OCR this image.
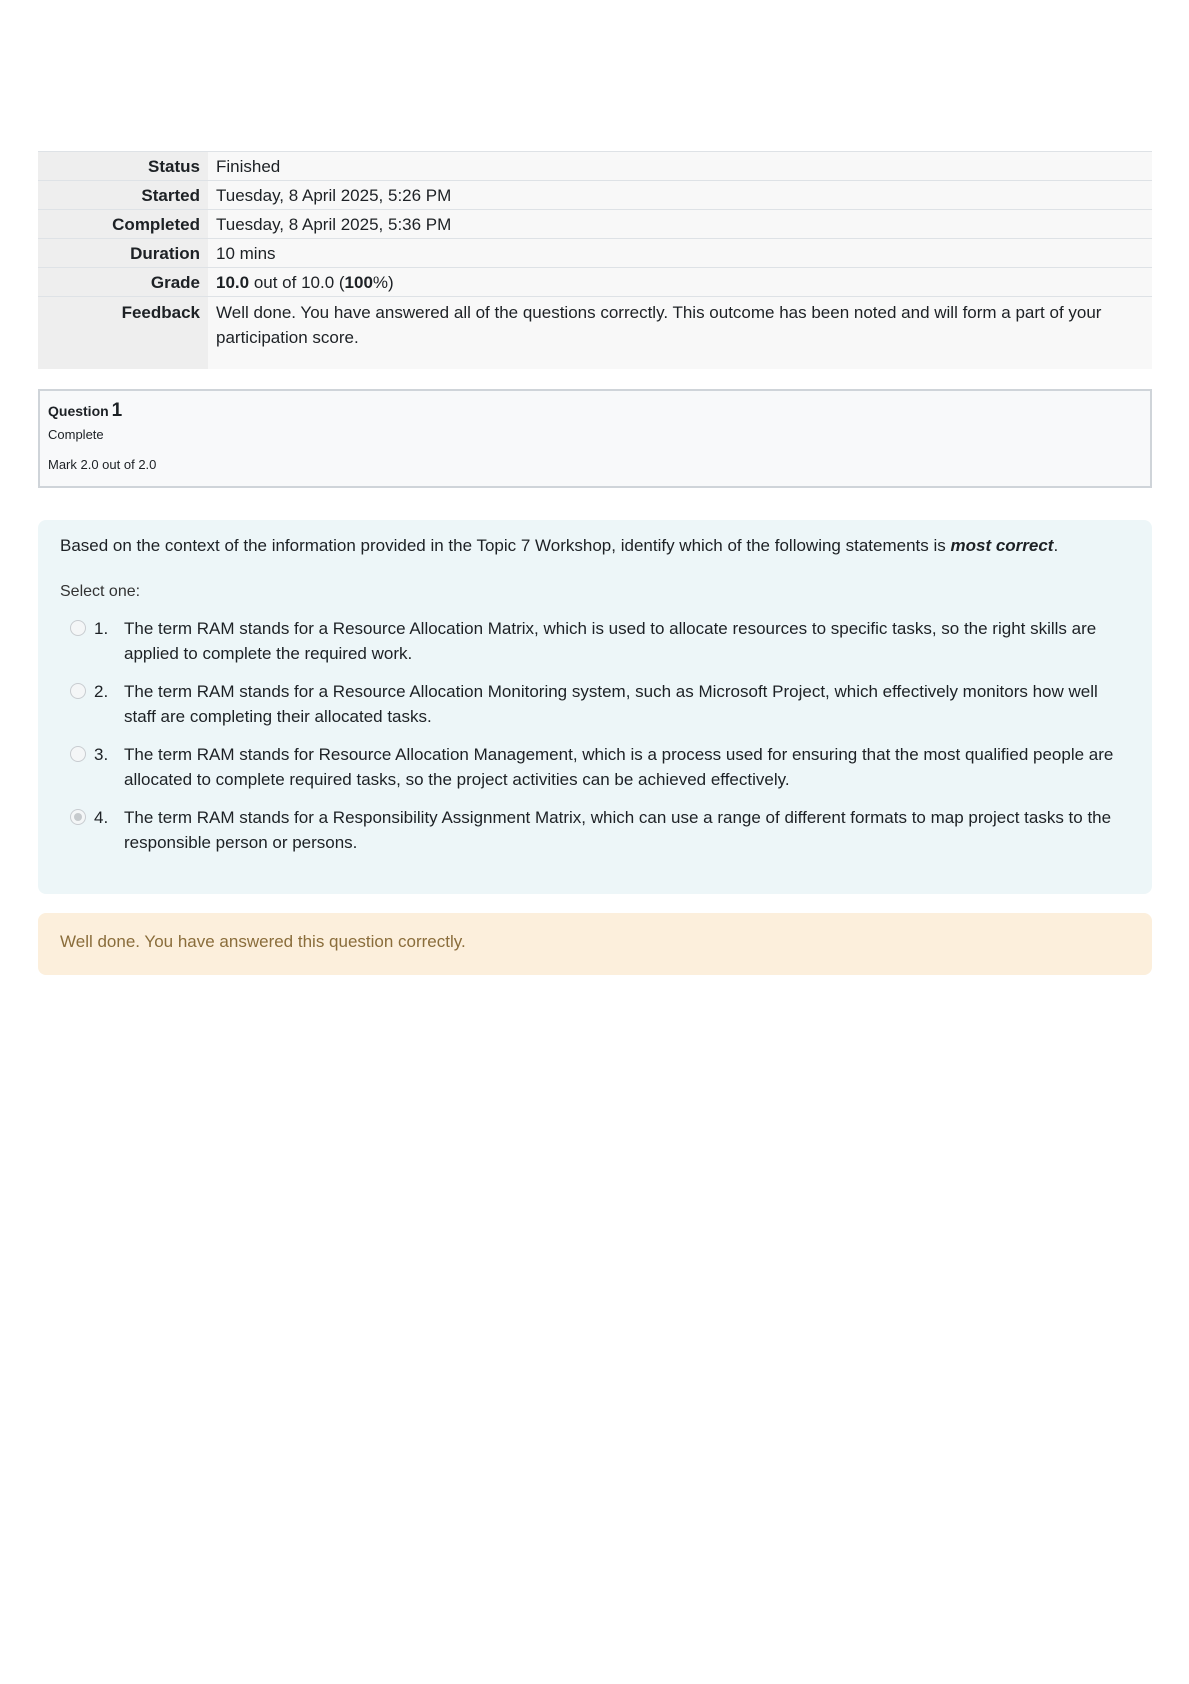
Status Finished
Started Tuesday, 8 April 2025, 5:26 PM
Completed Tuesday, 8 April 2025, 5:36 PM
Duration 10 mins
Grade 10.0 out of 10.0 (100%)
Feedback Well done. You have answered all of the questions correctly. This outcome has been noted and will form a part of your participation score.
Question 1
Complete
Mark 2.0 out of 2.0
Based on the context of the information provided in the Topic 7 Workshop, identify which of the following statements is most correct.
Select one:
1. The term RAM stands for a Resource Allocation Matrix, which is used to allocate resources to specific tasks, so the right skills are applied to complete the required work.
2. The term RAM stands for a Resource Allocation Monitoring system, such as Microsoft Project, which effectively monitors how well staff are completing their allocated tasks.
3. The term RAM stands for Resource Allocation Management, which is a process used for ensuring that the most qualified people are allocated to complete required tasks, so the project activities can be achieved effectively.
4. The term RAM stands for a Responsibility Assignment Matrix, which can use a range of different formats to map project tasks to the responsible person or persons.
Well done. You have answered this question correctly.
